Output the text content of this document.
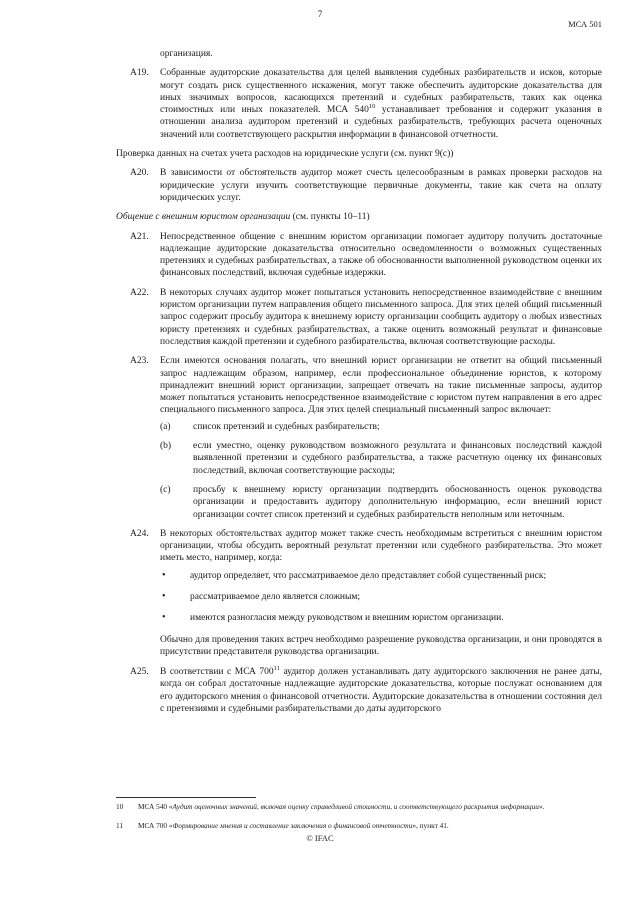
7
МСА 501
организация.
A19. Собранные аудиторские доказательства для целей выявления судебных разбирательств и исков, которые могут создать риск существенного искажения, могут также обеспечить аудиторские доказательства для иных значимых вопросов, касающихся претензий и судебных разбирательств, таких как оценка стоимостных или иных показателей. МСА $540^{10}$ устанавливает требования и содержит указания в отношении анализа аудитором претензий и судебных разбирательств, требующих расчета оценочных значений или соответствующего раскрытия информации в финансовой отчетности.
Проверка данных на счетах учета расходов на юридические услуги (см. пункт 9(с))
A20. В зависимости от обстоятельств аудитор может счесть целесообразным в рамках проверки расходов на юридические услуги изучить соответствующие первичные документы, такие как счета на оплату юридических услуг.
Общение с внешним юристом организации (см. пункты 10–11)
A21. Непосредственное общение с внешним юристом организации помогает аудитору получить достаточные надлежащие аудиторские доказательства относительно осведомленности о возможных существенных претензиях и судебных разбирательствах, а также об обоснованности выполненной руководством оценки их финансовых последствий, включая судебные издержки.
A22. В некоторых случаях аудитор может попытаться установить непосредственное взаимодействие с внешним юристом организации путем направления общего письменного запроса. Для этих целей общий письменный запрос содержит просьбу аудитора к внешнему юристу организации сообщить аудитору о любых известных юристу претензиях и судебных разбирательствах, а также оценить возможный результат и финансовые последствия каждой претензии и судебного разбирательства, включая соответствующие расходы.
A23. Если имеются основания полагать, что внешний юрист организации не ответит на общий письменный запрос надлежащим образом, например, если профессиональное объединение юристов, к которому принадлежит внешний юрист организации, запрещает отвечать на такие письменные запросы, аудитор может попытаться установить непосредственное взаимодействие с юристом путем направления в его адрес специального письменного запроса. Для этих целей специальный письменный запрос включает:
(a) список претензий и судебных разбирательств;
(b) если уместно, оценку руководством возможного результата и финансовых последствий каждой выявленной претензии и судебного разбирательства, а также расчетную оценку их финансовых последствий, включая соответствующие расходы;
(c) просьбу к внешнему юристу организации подтвердить обоснованность оценок руководства организации и предоставить аудитору дополнительную информацию, если внешний юрист организации сочтет список претензий и судебных разбирательств неполным или неточным.
A24. В некоторых обстоятельствах аудитор может также счесть необходимым встретиться с внешним юристом организации, чтобы обсудить вероятный результат претензии или судебного разбирательства. Это может иметь место, например, когда:
•	аудитор определяет, что рассматриваемое дело представляет собой существенный риск;
•	рассматриваемое дело является сложным;
•	имеются разногласия между руководством и внешним юристом организации.
Обычно для проведения таких встреч необходимо разрешение руководства организации, и они проводятся в присутствии представителя руководства организации.
A25. В соответствии с МСА $700^{11}$ аудитор должен устанавливать дату аудиторского заключения не ранее даты, когда он собрал достаточные надлежащие аудиторские доказательства, которые послужат основанием для его аудиторского мнения о финансовой отчетности. Аудиторские доказательства в отношении состояния дел с претензиями и судебными разбирательствами до даты аудиторского
10	МСА 540 «Аудит оценочных значений, включая оценку справедливой стоимости, и соответствующего раскрытия информации».
11	МСА 700 «Формирование мнения и составление заключения о финансовой отчетности», пункт 41.
© IFAC
